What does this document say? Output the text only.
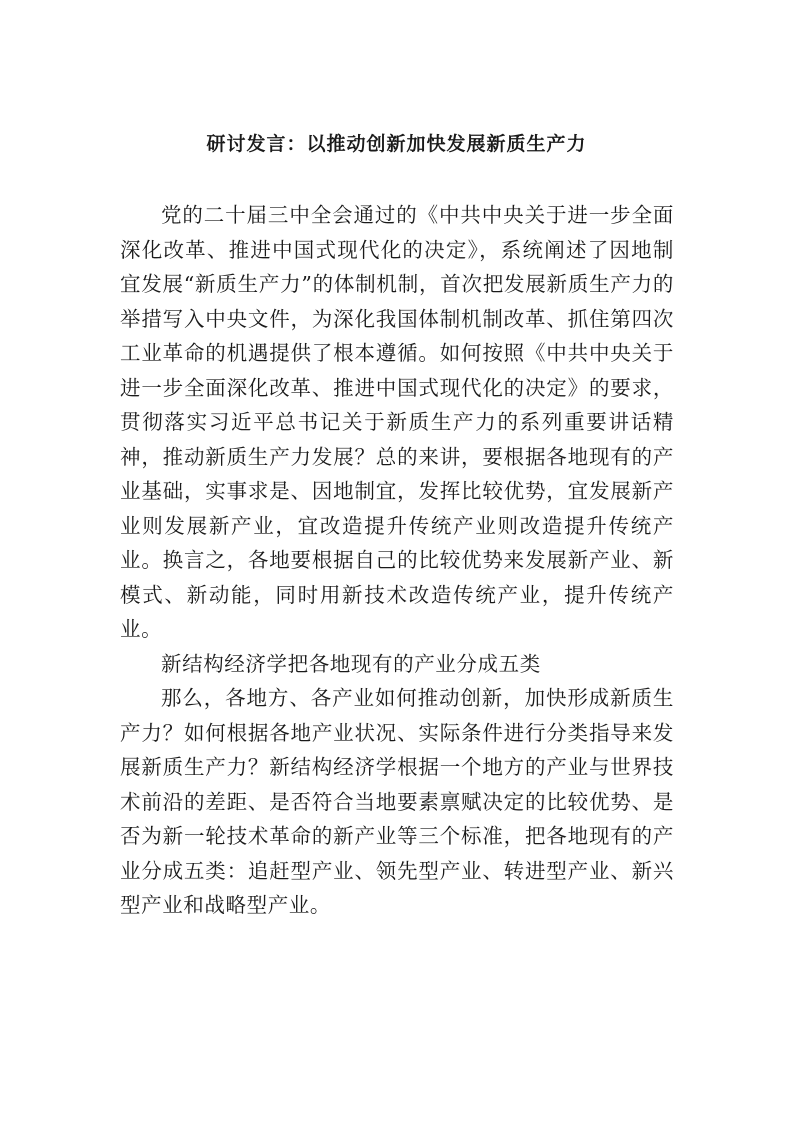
研讨发言：以推动创新加快发展新质生产力

党的二十届三中全会通过的《中共中央关于进一步全面深化改革、推进中国式现代化的决定》，系统阐述了因地制宜发展“新质生产力”的体制机制，首次把发展新质生产力的举措写入中央文件，为深化我国体制机制改革、抓住第四次工业革命的机遇提供了根本遵循。如何按照《中共中央关于进一步全面深化改革、推进中国式现代化的决定》的要求，贯彻落实习近平总书记关于新质生产力的系列重要讲话精神，推动新质生产力发展？总的来讲，要根据各地现有的产业基础，实事求是、因地制宜，发挥比较优势，宜发展新产业则发展新产业，宜改造提升传统产业则改造提升传统产业。换言之，各地要根据自己的比较优势来发展新产业、新模式、新动能，同时用新技术改造传统产业，提升传统产业。

新结构经济学把各地现有的产业分成五类

那么，各地方、各产业如何推动创新，加快形成新质生产力？如何根据各地产业状况、实际条件进行分类指导来发展新质生产力？新结构经济学根据一个地方的产业与世界技术前沿的差距、是否符合当地要素禀赋决定的比较优势、是否为新一轮技术革命的新产业等三个标准，把各地现有的产业分成五类：追赶型产业、领先型产业、转进型产业、新兴型产业和战略型产业。
